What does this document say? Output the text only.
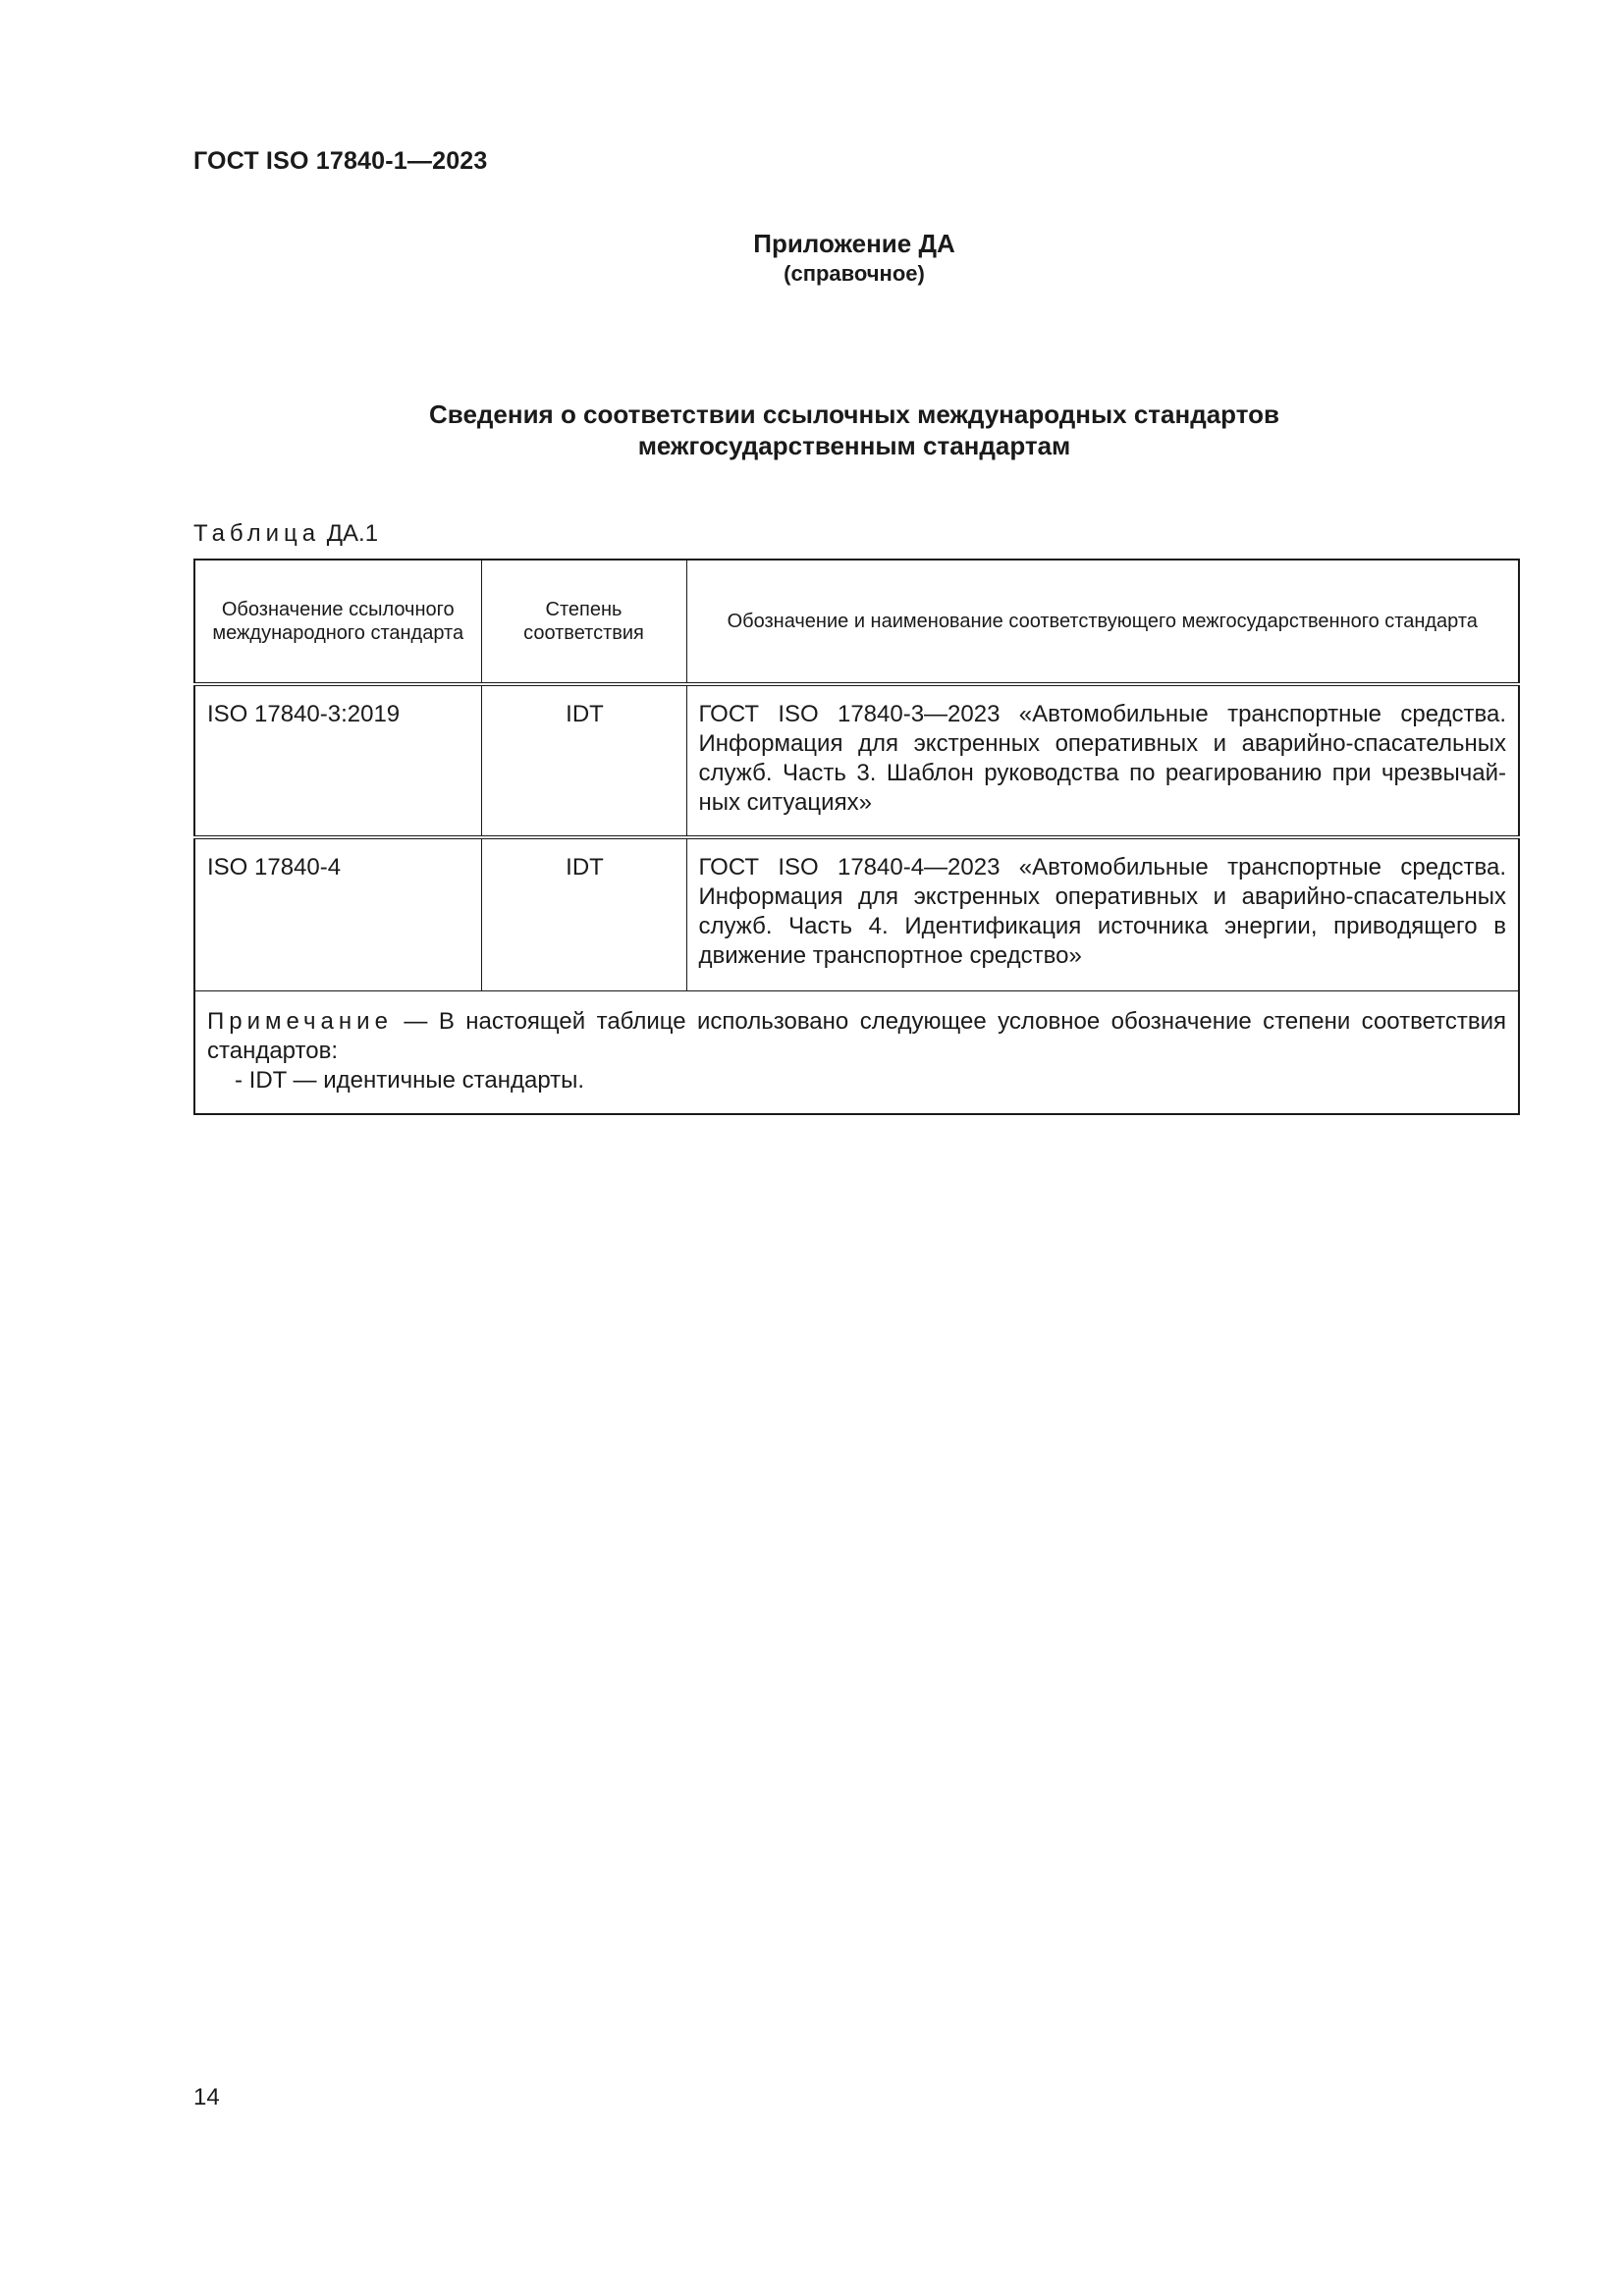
ГОСТ ISO 17840-1—2023
Приложение ДА
(справочное)
Сведения о соответствии ссылочных международных стандартов
межгосударственным стандартам
Таблица ДА.1
Обозначение ссылочного международного стандарта	Степень соответствия	Обозначение и наименование соответствующего межгосударственного стандарта
ISO 17840-3:2019	IDT	ГОСТ ISO 17840-3—2023 «Автомобильные транспортные средства. Информация для экстренных оперативных и аварийно-спасательных служб. Часть 3. Шаблон руководства по реагированию при чрезвычайных ситуациях»
ISO 17840-4	IDT	ГОСТ ISO 17840-4—2023 «Автомобильные транспортные средства. Информация для экстренных оперативных и аварийно-спасательных служб. Часть 4. Идентификация источника энергии, приводящего в движение транспортное средство»

Примечание — В настоящей таблице использовано следующее условное обозначение степени соответствия стандартов:
- IDT — идентичные стандарты.		
14
